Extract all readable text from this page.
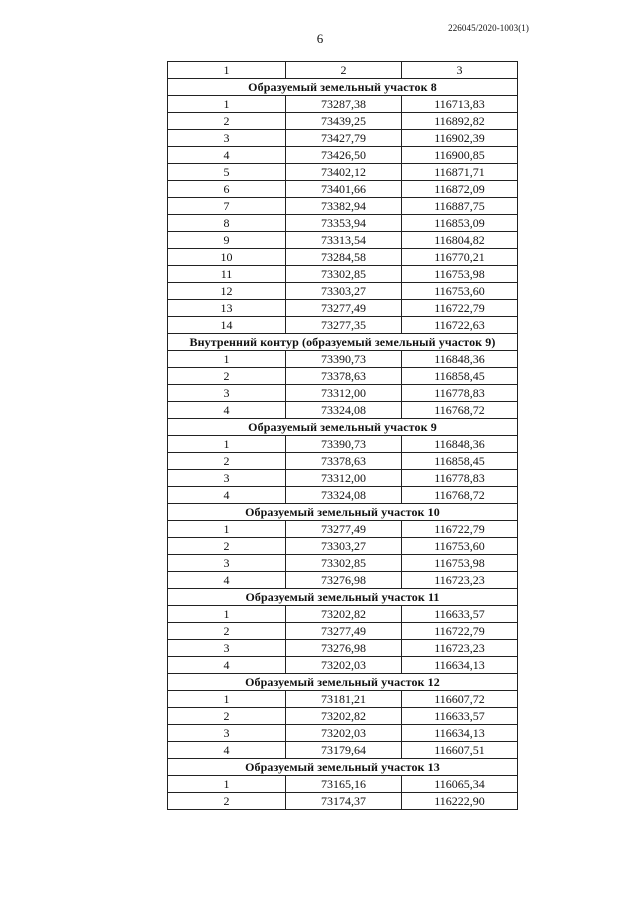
226045/2020-1003(1)
6
1	2	3
Образуемый земельный участок 8		
1	73287,38	116713,83
2	73439,25	116892,82
3	73427,79	116902,39
4	73426,50	116900,85
5	73402,12	116871,71
6	73401,66	116872,09
7	73382,94	116887,75
8	73353,94	116853,09
9	73313,54	116804,82
10	73284,58	116770,21
11	73302,85	116753,98
12	73303,27	116753,60
13	73277,49	116722,79
14	73277,35	116722,63
Внутренний контур (образуемый земельный участок 9)		
1	73390,73	116848,36
2	73378,63	116858,45
3	73312,00	116778,83
4	73324,08	116768,72
Образуемый земельный участок 9		
1	73390,73	116848,36
2	73378,63	116858,45
3	73312,00	116778,83
4	73324,08	116768,72
Образуемый земельный участок 10		
1	73277,49	116722,79
2	73303,27	116753,60
3	73302,85	116753,98
4	73276,98	116723,23
Образуемый земельный участок 11		
1	73202,82	116633,57
2	73277,49	116722,79
3	73276,98	116723,23
4	73202,03	116634,13
Образуемый земельный участок 12		
1	73181,21	116607,72
2	73202,82	116633,57
3	73202,03	116634,13
4	73179,64	116607,51
Образуемый земельный участок 13		
1	73165,16	116065,34
2	73174,37	116222,90
